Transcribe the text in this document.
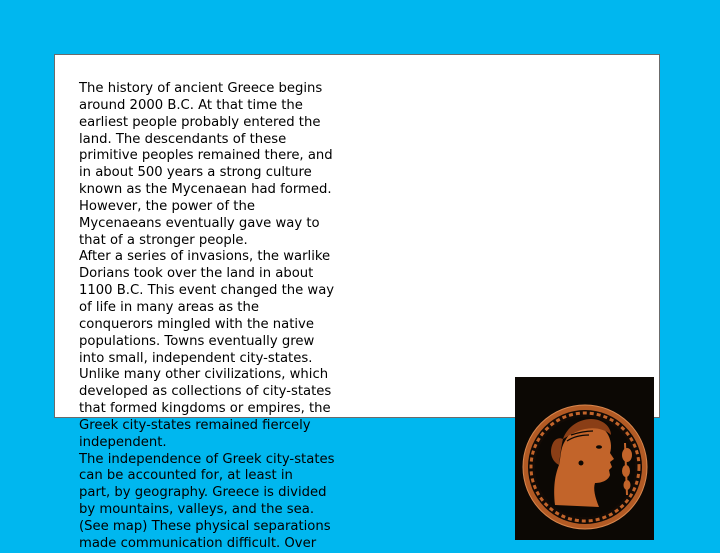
The history of ancient Greece begins
around 2000 B.C. At that time the
earliest people probably entered the
land. The descendants of these
primitive peoples remained there, and
in about 500 years a strong culture
known as the Mycenaean had formed.
However, the power of the
Mycenaeans eventually gave way to
that of a stronger people.
After a series of invasions, the warlike
Dorians took over the land in about
1100 B.C. This event changed the way
of life in many areas as the
conquerors mingled with the native
populations. Towns eventually grew
into small, independent city-states.
Unlike many other civilizations, which
developed as collections of city-states
that formed kingdoms or empires, the
Greek city-states remained fiercely
independent.
The independence of Greek city-states
can be accounted for, at least in
part, by geography. Greece is divided
by mountains, valleys, and the sea.
(See map) These physical separations
made communication difficult. Over
